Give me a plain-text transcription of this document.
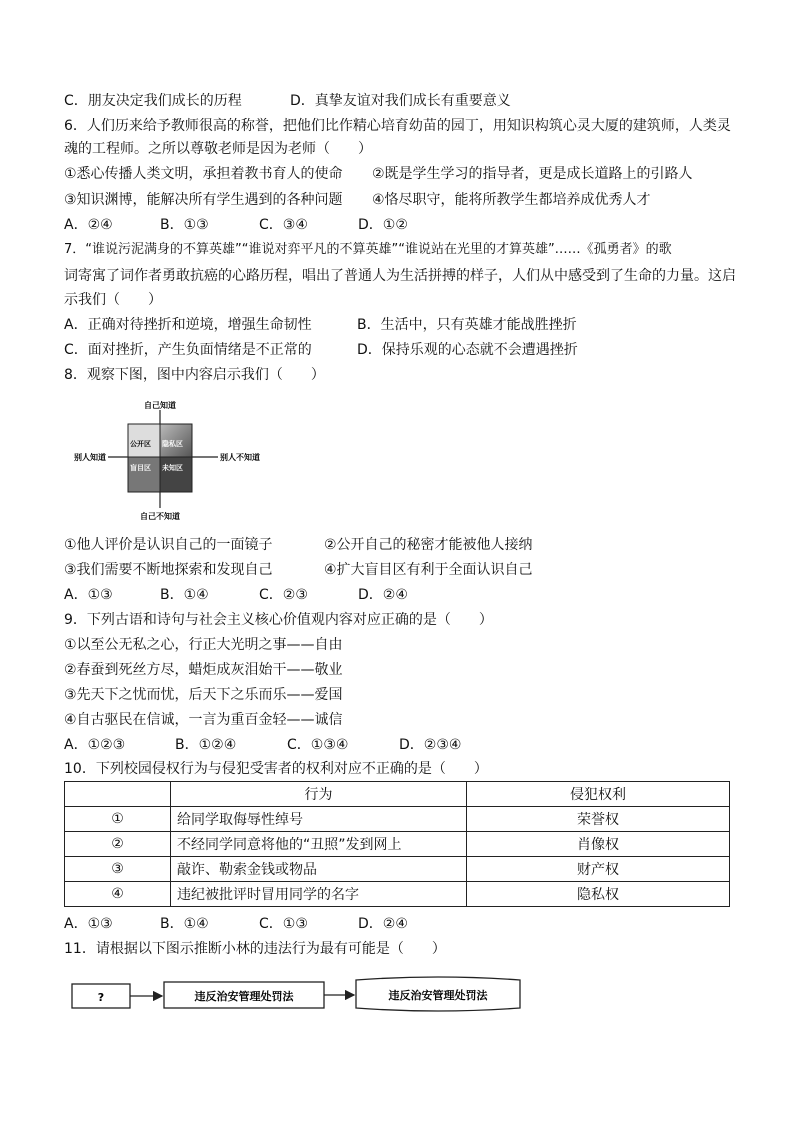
C．朋友决定我们成长的历程	D．真挚友谊对我们成长有重要意义
6．人们历来给予教师很高的称誉，把他们比作精心培育幼苗的园丁，用知识构筑心灵大厦的建筑师，人类灵
魂的工程师。之所以尊敬老师是因为老师（　　）
①悉心传播人类文明，承担着教书育人的使命 ②既是学生学习的指导者，更是成长道路上的引路人
③知识渊博，能解决所有学生遇到的各种问题 ④恪尽职守，能将所教学生都培养成优秀人才
A．②④	B．①③	C．③④	D．①②
7．“谁说污泥满身的不算英雄”“谁说对弈平凡的不算英雄”“谁说站在光里的才算英雄”……《孤勇者》的歌
词寄寓了词作者勇敢抗癌的心路历程，唱出了普通人为生活拼搏的样子，人们从中感受到了生命的力量。这启
示我们（　　）
A．正确对待挫折和逆境，增强生命韧性	B．生活中，只有英雄才能战胜挫折
C．面对挫折，产生负面情绪是不正常的	D．保持乐观的心态就不会遭遇挫折
8．观察下图，图中内容启示我们（　　）
自己知道
自己不知道
别人知道	别人不知道
公开区 隐私区
盲目区 未知区
①他人评价是认识自己的一面镜子	②公开自己的秘密才能被他人接纳
③我们需要不断地探索和发现自己	④扩大盲目区有利于全面认识自己
A．①③	B．①④	C．②③	D．②④
9．下列古语和诗句与社会主义核心价值观内容对应正确的是（　　）
①以至公无私之心，行正大光明之事——自由
②春蚕到死丝方尽，蜡炬成灰泪始干——敬业
③先天下之忧而忧，后天下之乐而乐——爱国
④自古驱民在信诚，一言为重百金轻——诚信
A．①②③	B．①②④	C．①③④	D．②③④
10．下列校园侵权行为与侵犯受害者的权利对应不正确的是（　　）
	行为	侵犯权利
①	给同学取侮辱性绰号	荣誉权
②	不经同学同意将他的“丑照”发到网上	肖像权
③	敲诈、勒索金钱或物品	财产权
④	违纪被批评时冒用同学的名字	隐私权
A．①③	B．①④	C．①③	D．②④
11．请根据以下图示推断小林的违法行为最有可能是（　　）
?	违反治安管理处罚法	违反治安管理处罚法
